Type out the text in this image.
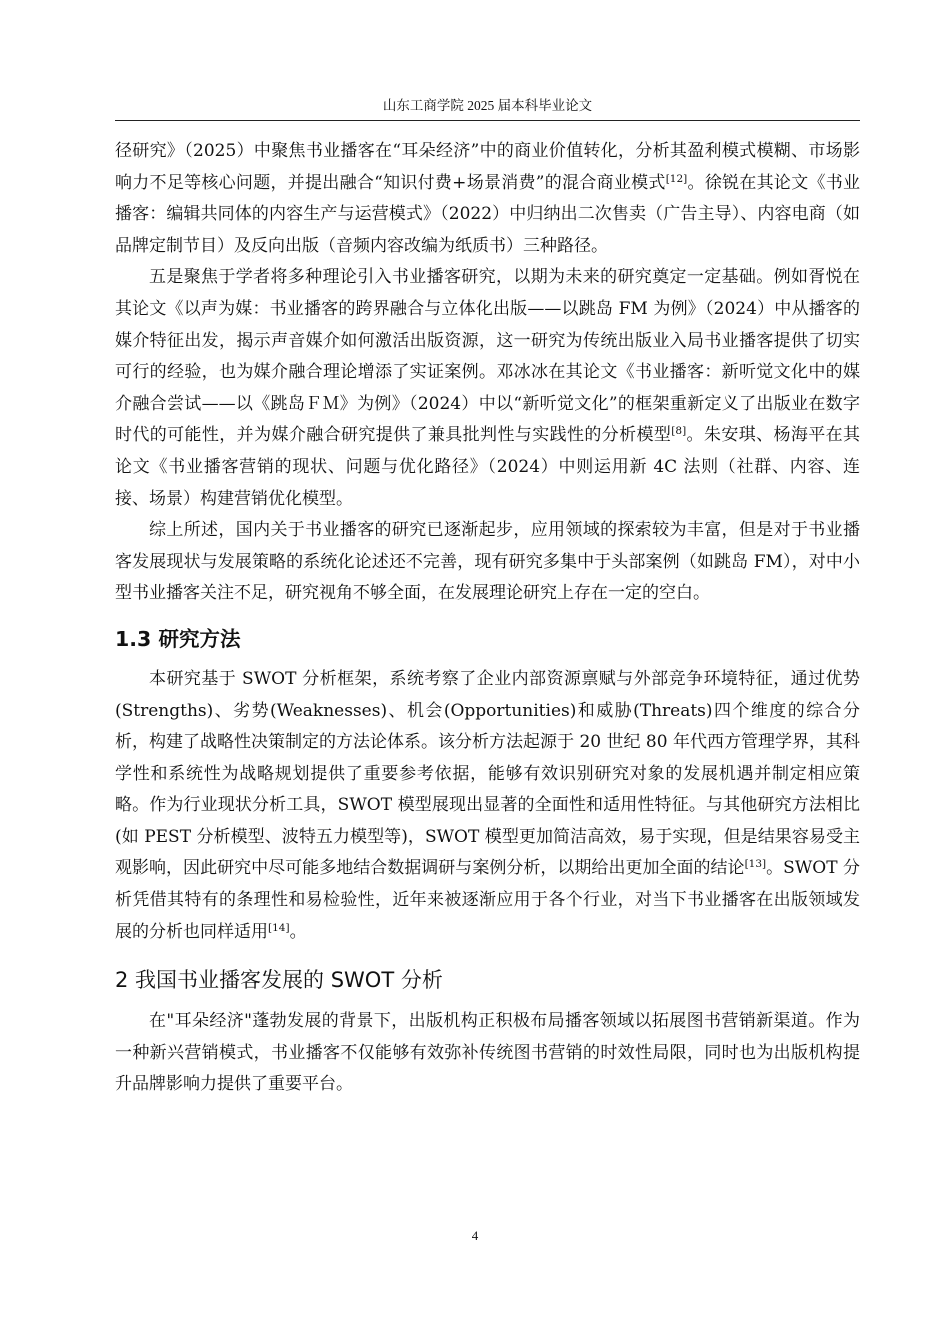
山东工商学院 2025 届本科毕业论文

径研究》（2025）中聚焦书业播客在“耳朵经济”中的商业价值转化，分析其盈利模式模糊、市场影响力不足等核心问题，并提出融合“知识付费+场景消费”的混合商业模式[12]。徐锐在其论文《书业播客：编辑共同体的内容生产与运营模式》（2022）中归纳出二次售卖（广告主导）、内容电商（如品牌定制节目）及反向出版（音频内容改编为纸质书）三种路径。

五是聚焦于学者将多种理论引入书业播客研究，以期为未来的研究奠定一定基础。例如胥悦在其论文《以声为媒：书业播客的跨界融合与立体化出版——以跳岛 FM 为例》（2024）中从播客的媒介特征出发，揭示声音媒介如何激活出版资源，这一研究为传统出版业入局书业播客提供了切实可行的经验，也为媒介融合理论增添了实证案例。邓冰冰在其论文《书业播客：新听觉文化中的媒介融合尝试——以《跳岛ＦＭ》为例》（2024）中以“新听觉文化”的框架重新定义了出版业在数字时代的可能性，并为媒介融合研究提供了兼具批判性与实践性的分析模型[8]。朱安琪、杨海平在其论文《书业播客营销的现状、问题与优化路径》（2024）中则运用新 4C 法则（社群、内容、连接、场景）构建营销优化模型。

综上所述，国内关于书业播客的研究已逐渐起步，应用领域的探索较为丰富，但是对于书业播客发展现状与发展策略的系统化论述还不完善，现有研究多集中于头部案例（如跳岛 FM），对中小型书业播客关注不足，研究视角不够全面，在发展理论研究上存在一定的空白。

1.3 研究方法

本研究基于 SWOT 分析框架，系统考察了企业内部资源禀赋与外部竞争环境特征，通过优势(Strengths)、劣势(Weaknesses)、机会(Opportunities)和威胁(Threats)四个维度的综合分析，构建了战略性决策制定的方法论体系。该分析方法起源于 20 世纪 80 年代西方管理学界，其科学性和系统性为战略规划提供了重要参考依据，能够有效识别研究对象的发展机遇并制定相应策略。作为行业现状分析工具，SWOT 模型展现出显著的全面性和适用性特征。与其他研究方法相比(如 PEST 分析模型、波特五力模型等)，SWOT 模型更加简洁高效，易于实现，但是结果容易受主观影响，因此研究中尽可能多地结合数据调研与案例分析，以期给出更加全面的结论[13]。SWOT 分析凭借其特有的条理性和易检验性，近年来被逐渐应用于各个行业，对当下书业播客在出版领域发展的分析也同样适用[14]。

2 我国书业播客发展的 SWOT 分析

在"耳朵经济"蓬勃发展的背景下，出版机构正积极布局播客领域以拓展图书营销新渠道。作为一种新兴营销模式，书业播客不仅能够有效弥补传统图书营销的时效性局限，同时也为出版机构提升品牌影响力提供了重要平台。

4
